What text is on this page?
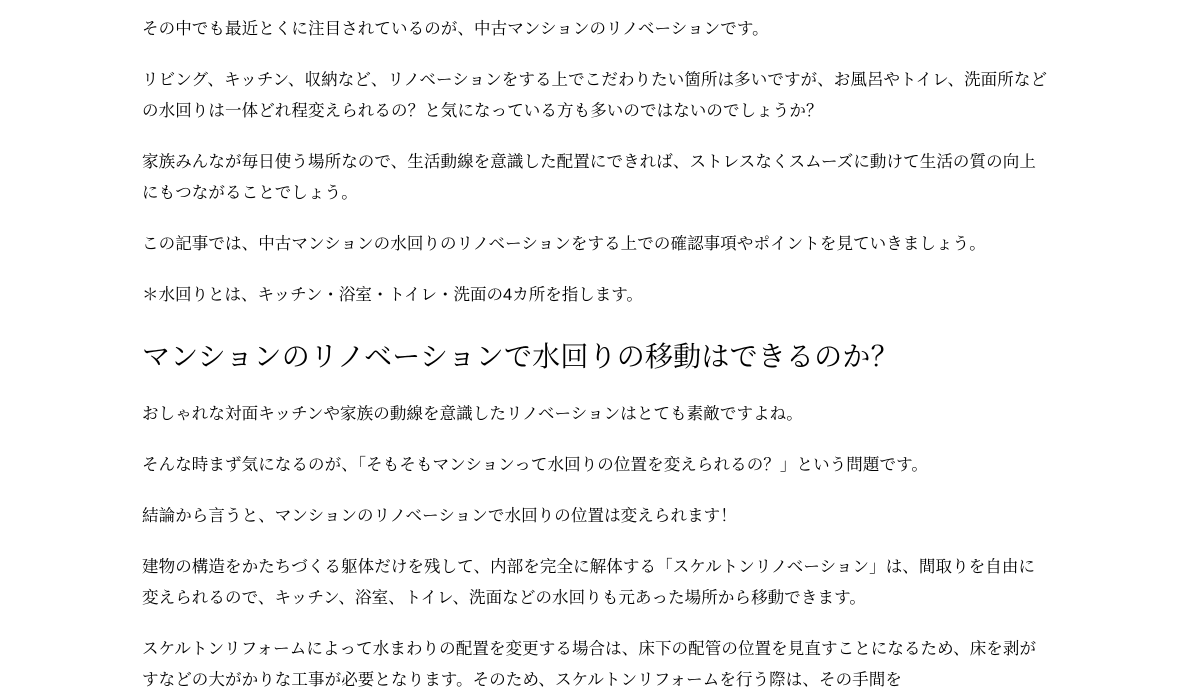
その中でも最近とくに注目されているのが、中古マンションのリノベーションです。

リビング、キッチン、収納など、リノベーションをする上でこだわりたい箇所は多いですが、お風呂やトイレ、洗面所などの水回りは一体どれ程変えられるの？と気になっている方も多いのではないのでしょうか？

家族みんなが毎日使う場所なので、生活動線を意識した配置にできれば、ストレスなくスムーズに動けて生活の質の向上にもつながることでしょう。

この記事では、中古マンションの水回りのリノベーションをする上での確認事項やポイントを見ていきましょう。

＊水回りとは、キッチン・浴室・トイレ・洗面の4カ所を指します。

マンションのリノベーションで水回りの移動はできるのか？

おしゃれな対面キッチンや家族の動線を意識したリノベーションはとても素敵ですよね。

そんな時まず気になるのが、「そもそもマンションって水回りの位置を変えられるの？」という問題です。

結論から言うと、マンションのリノベーションで水回りの位置は変えられます！

建物の構造をかたちづくる躯体だけを残して、内部を完全に解体する「スケルトンリノベーション」は、間取りを自由に変えられるので、キッチン、浴室、トイレ、洗面などの水回りも元あった場所から移動できます。

スケルトンリフォームによって水まわりの配置を変更する場合は、床下の配管の位置を見直すことになるため、床を剥がすなどの大がかりな工事が必要となります。そのため、スケルトンリフォームを行う際は、その手間を
